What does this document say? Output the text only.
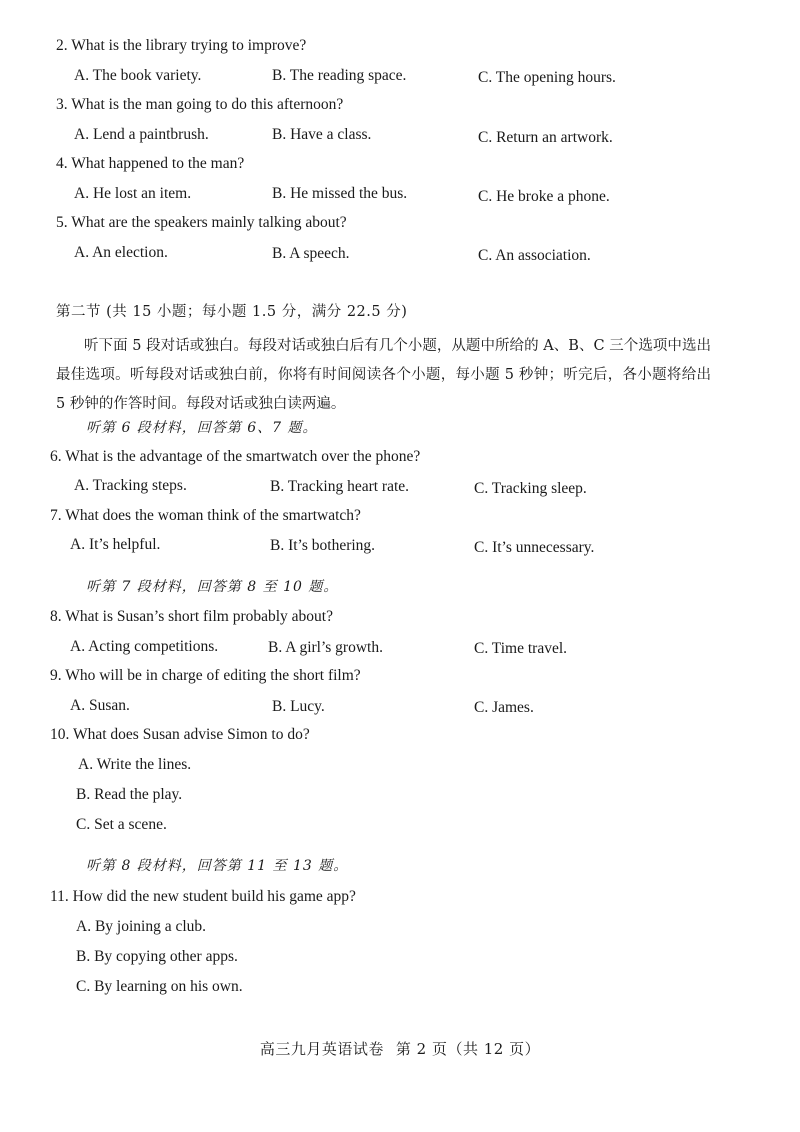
2. What is the library trying to improve?
A. The book variety.	B. The reading space.	C. The opening hours.
3. What is the man going to do this afternoon?
A. Lend a paintbrush.	B. Have a class.	C. Return an artwork.
4. What happened to the man?
A. He lost an item.	B. He missed the bus.	C. He broke a phone.
5. What are the speakers mainly talking about?
A. An election.	B. A speech.	C. An association.
第二节 (共 15 小题；每小题 1.5 分，满分 22.5 分)
听下面 5 段对话或独白。每段对话或独白后有几个小题，从题中所给的 A、B、C 三个选项中选出最佳选项。听每段对话或独白前，你将有时间阅读各个小题，每小题 5 秒钟；听完后，各小题将给出 5 秒钟的作答时间。每段对话或独白读两遍。
听第 6 段材料，回答第 6、7 题。
6. What is the advantage of the smartwatch over the phone?
A. Tracking steps.	B. Tracking heart rate.	C. Tracking sleep.
7. What does the woman think of the smartwatch?
A. It’s helpful.	B. It’s bothering.	C. It’s unnecessary.
听第 7 段材料，回答第 8 至 10 题。
8. What is Susan’s short film probably about?
A. Acting competitions.	B. A girl’s growth.	C. Time travel.
9. Who will be in charge of editing the short film?
A. Susan.	B. Lucy.	C. James.
10. What does Susan advise Simon to do?
A. Write the lines.
B. Read the play.
C. Set a scene.
听第 8 段材料，回答第 11 至 13 题。
11. How did the new student build his game app?
A. By joining a club.
B. By copying other apps.
C. By learning on his own.
高三九月英语试卷 第 2 页（共 12 页）
